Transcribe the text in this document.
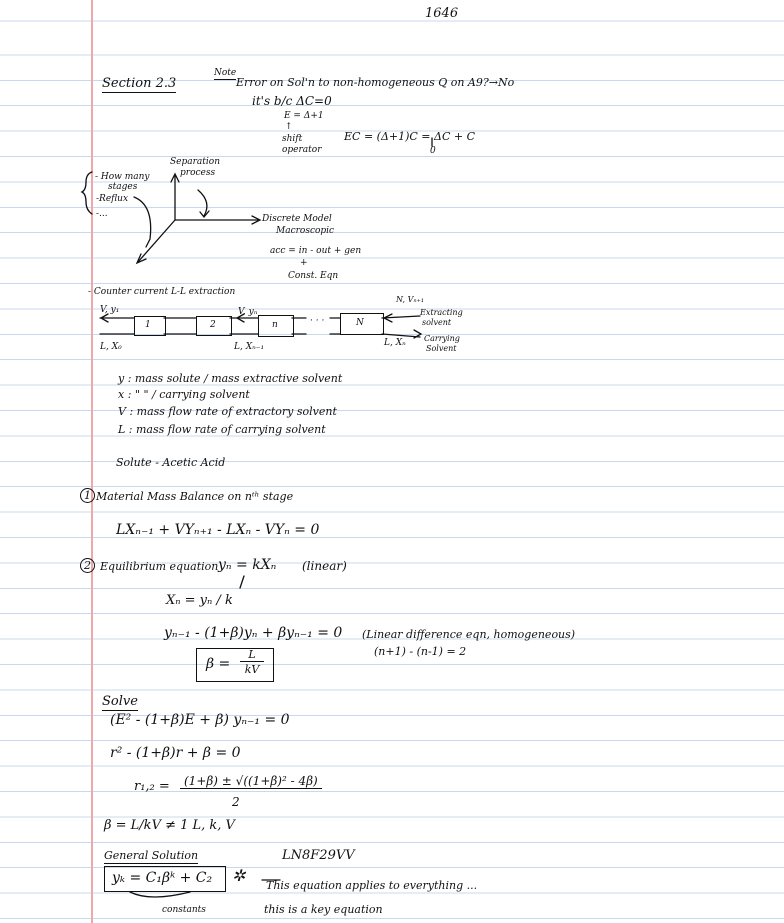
1646
Section 2.3
Note
Error on Sol'n to non-homogeneous Q on A9?→No
it's b/c ΔC=0
E = Δ+1
↑
shift
operator
EC = (Δ+1)C = ΔC + C
0
Separation
process
- How many
stages
-Reflux
-...	Discrete Model
Macroscopic
acc = in - out + gen
+
Const. Eqn
- Counter current L-L extraction
V, y₁	V, yₙ
N, Vₙ₊₁
Extracting
solvent
Carrying
Solvent
L, X₀	L, Xₙ₋₁	L, Xₙ
1	2	n	N
· · ·
y : mass solute / mass extractive solvent
x : " " / carrying solvent
V : mass flow rate of extractory solvent
L : mass flow rate of carrying solvent
Solute - Acetic Acid
1 Material Mass Balance on nᵗʰ stage
LXₙ₋₁ + VYₙ₊₁ - LXₙ - VYₙ = 0
2 Equilibrium equation yₙ = kXₙ (linear)
Xₙ = yₙ / k
yₙ₋₁ - (1+β)yₙ + βyₙ₋₁ = 0 (Linear difference eqn, homogeneous)
(n+1) - (n-1) = 2
β =
L
kV
Solve
(E² - (1+β)E + β) yₙ₋₁ = 0
r² - (1+β)r + β = 0
r₁,₂ =	(1+β) ± √((1+β)² - 4β)
2
β = L/kV ≠ 1 L, k, V
General Solution
yₖ = C₁βᵏ + C₂ ✲
LN8F29VV
This equation applies to everything ...
this is a key equation
constants
